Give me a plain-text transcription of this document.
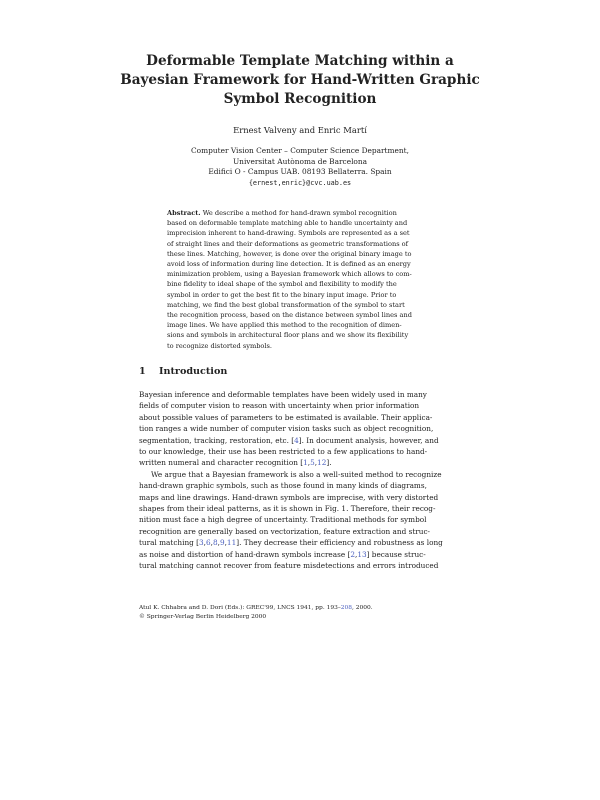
Deformable Template Matching within a
Bayesian Framework for Hand-Written Graphic
Symbol Recognition
Ernest Valveny and Enric Martí
Computer Vision Center – Computer Science Department,
Universitat Autònoma de Barcelona
Edifici O - Campus UAB. 08193 Bellaterra. Spain
{ernest,enric}@cvc.uab.es
Abstract. We describe a method for hand-drawn symbol recognition
based on deformable template matching able to handle uncertainty and
imprecision inherent to hand-drawing. Symbols are represented as a set
of straight lines and their deformations as geometric transformations of
these lines. Matching, however, is done over the original binary image to
avoid loss of information during line detection. It is defined as an energy
minimization problem, using a Bayesian framework which allows to com-
bine fidelity to ideal shape of the symbol and flexibility to modify the
symbol in order to get the best fit to the binary input image. Prior to
matching, we find the best global transformation of the symbol to start
the recognition process, based on the distance between symbol lines and
image lines. We have applied this method to the recognition of dimen-
sions and symbols in architectural floor plans and we show its flexibility
to recognize distorted symbols.
1 Introduction
Bayesian inference and deformable templates have been widely used in many
fields of computer vision to reason with uncertainty when prior information
about possible values of parameters to be estimated is available. Their applica-
tion ranges a wide number of computer vision tasks such as object recognition,
segmentation, tracking, restoration, etc. [4]. In document analysis, however, and
to our knowledge, their use has been restricted to a few applications to hand-
written numeral and character recognition [1,5,12].
We argue that a Bayesian framework is also a well-suited method to recognize
hand-drawn graphic symbols, such as those found in many kinds of diagrams,
maps and line drawings. Hand-drawn symbols are imprecise, with very distorted
shapes from their ideal patterns, as it is shown in Fig. 1. Therefore, their recog-
nition must face a high degree of uncertainty. Traditional methods for symbol
recognition are generally based on vectorization, feature extraction and struc-
tural matching [3,6,8,9,11]. They decrease their efficiency and robustness as long
as noise and distortion of hand-drawn symbols increase [2,13] because struc-
tural matching cannot recover from feature misdetections and errors introduced
Atul K. Chhabra and D. Dori (Eds.): GREC'99, LNCS 1941, pp. 193–208, 2000.
© Springer-Verlag Berlin Heidelberg 2000
